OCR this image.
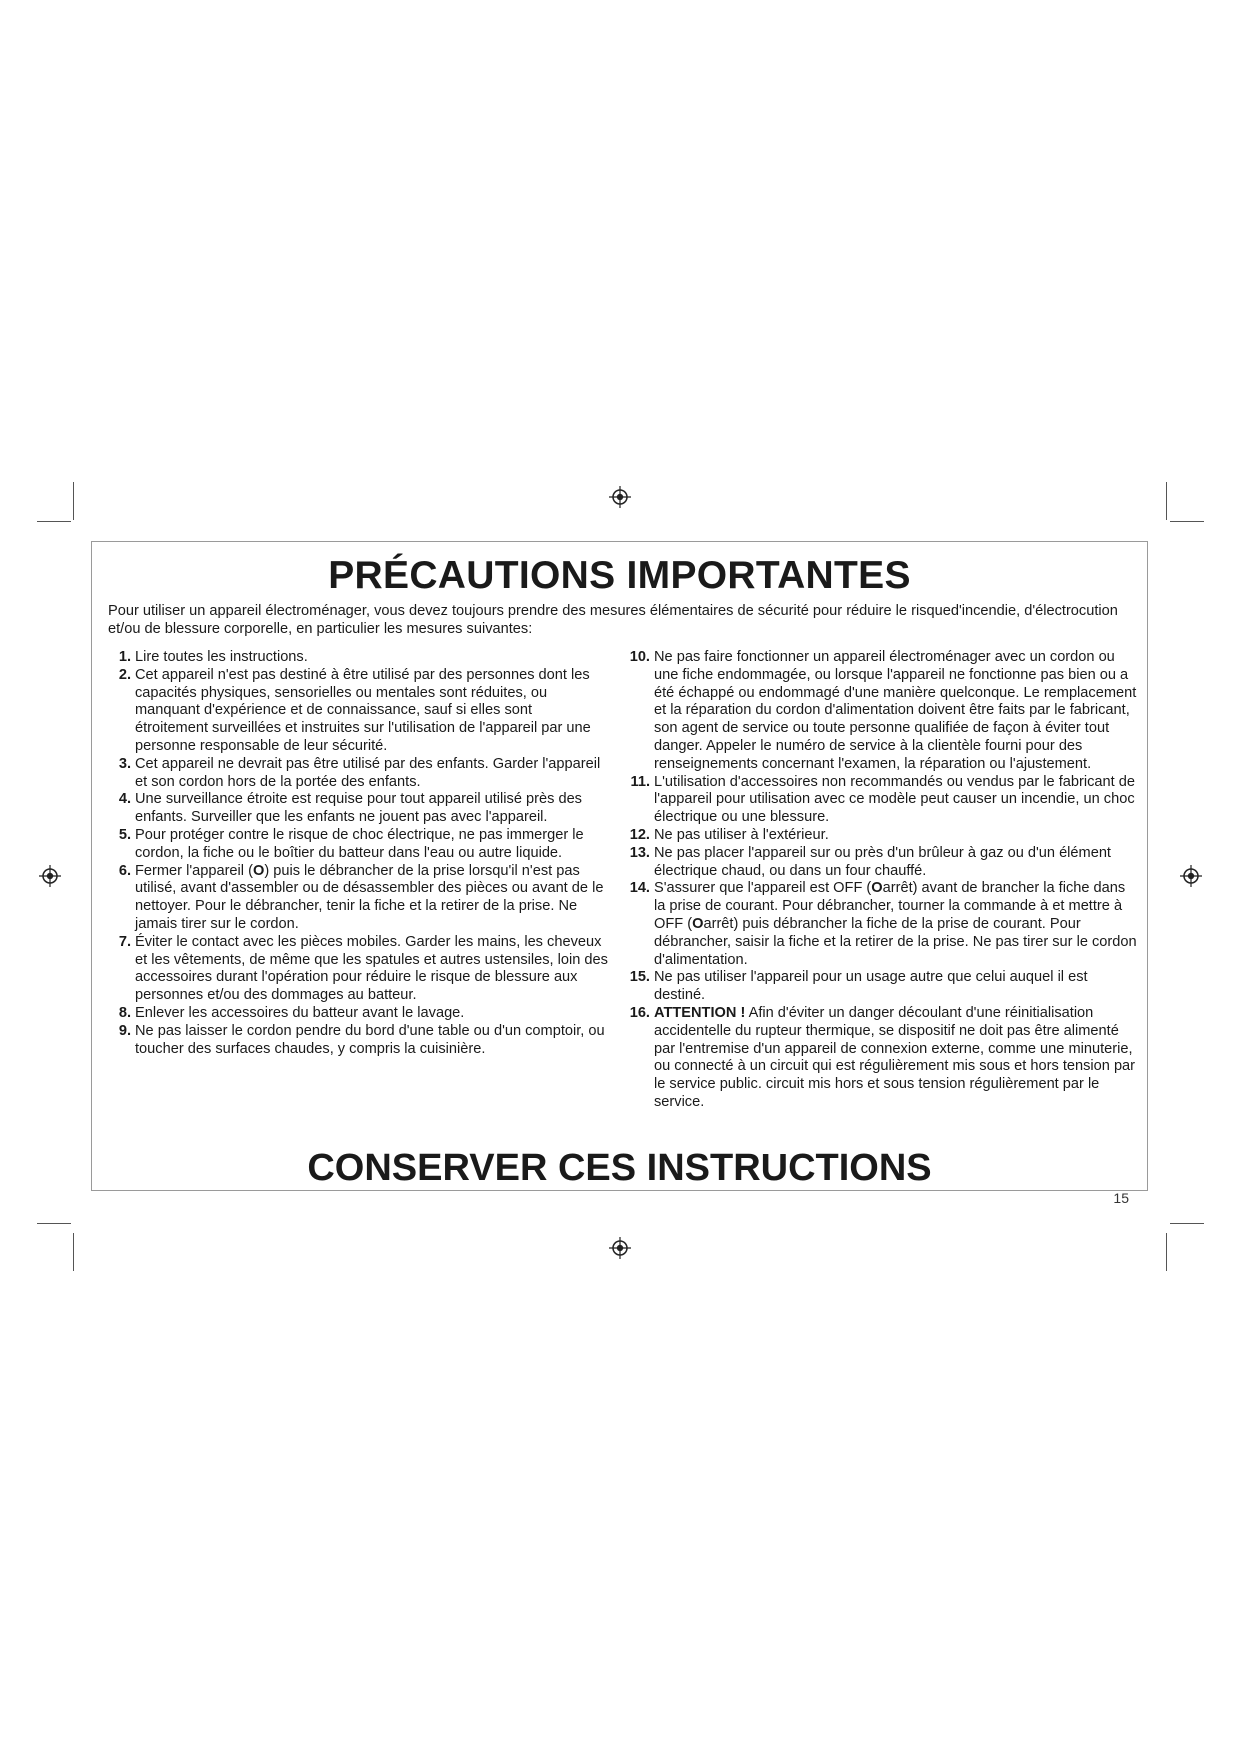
PRÉCAUTIONS IMPORTANTES
Pour utiliser un appareil électroménager, vous devez toujours prendre des mesures élémentaires de sécurité pour réduire le risqued'incendie, d'électrocution et/ou de blessure corporelle, en particulier les mesures suivantes:
1. Lire toutes les instructions.
2. Cet appareil n'est pas destiné à être utilisé par des personnes dont les capacités physiques, sensorielles ou mentales sont réduites, ou manquant d'expérience et de connaissance, sauf si elles sont étroitement surveillées et instruites sur l'utilisation de l'appareil par une personne responsable de leur sécurité.
3. Cet appareil ne devrait pas être utilisé par des enfants. Garder l'appareil et son cordon hors de la portée des enfants.
4. Une surveillance étroite est requise pour tout appareil utilisé près des enfants. Surveiller que les enfants ne jouent pas avec l'appareil.
5. Pour protéger contre le risque de choc électrique, ne pas immerger le cordon, la fiche ou le boîtier du batteur dans l'eau ou autre liquide.
6. Fermer l'appareil (O) puis le débrancher de la prise lorsqu'il n'est pas utilisé, avant d'assembler ou de désassembler des pièces ou avant de le nettoyer. Pour le débrancher, tenir la fiche et la retirer de la prise. Ne jamais tirer sur le cordon.
7. Éviter le contact avec les pièces mobiles. Garder les mains, les cheveux et les vêtements, de même que les spatules et autres ustensiles, loin des accessoires durant l'opération pour réduire le risque de blessure aux personnes et/ou des dommages au batteur.
8. Enlever les accessoires du batteur avant le lavage.
9. Ne pas laisser le cordon pendre du bord d'une table ou d'un comptoir, ou toucher des surfaces chaudes, y compris la cuisinière.
10. Ne pas faire fonctionner un appareil électroménager avec un cordon ou une fiche endommagée, ou lorsque l'appareil ne fonctionne pas bien ou a été échappé ou endommagé d'une manière quelconque. Le remplacement et la réparation du cordon d'alimentation doivent être faits par le fabricant, son agent de service ou toute personne qualifiée de façon à éviter tout danger. Appeler le numéro de service à la clientèle fourni pour des renseignements concernant l'examen, la réparation ou l'ajustement.
11. L'utilisation d'accessoires non recommandés ou vendus par le fabricant de l'appareil pour utilisation avec ce modèle peut causer un incendie, un choc électrique ou une blessure.
12. Ne pas utiliser à l'extérieur.
13. Ne pas placer l'appareil sur ou près d'un brûleur à gaz ou d'un élément électrique chaud, ou dans un four chauffé.
14. S'assurer que l'appareil est OFF (Oarrêt) avant de brancher la fiche dans la prise de courant. Pour débrancher, tourner la commande à et mettre à OFF (Oarrêt) puis débrancher la fiche de la prise de courant. Pour débrancher, saisir la fiche et la retirer de la prise. Ne pas tirer sur le cordon d'alimentation.
15. Ne pas utiliser l'appareil pour un usage autre que celui auquel il est destiné.
16. ATTENTION ! Afin d'éviter un danger découlant d'une réinitialisation accidentelle du rupteur thermique, se dispositif ne doit pas être alimenté par l'entremise d'un appareil de connexion externe, comme une minuterie, ou connecté à un circuit qui est régulièrement mis sous et hors tension par le service public. circuit mis hors et sous tension régulièrement par le service.
CONSERVER CES INSTRUCTIONS
15
